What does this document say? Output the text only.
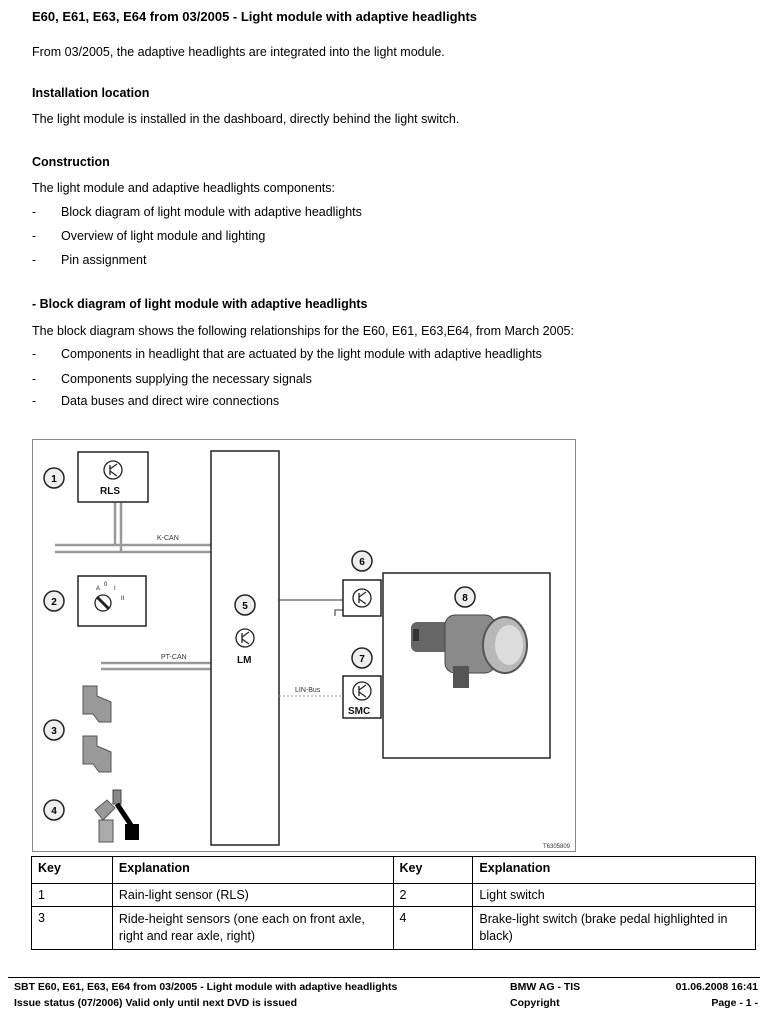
E60, E61, E63, E64 from 03/2005 - Light module with adaptive headlights
From 03/2005, the adaptive headlights are integrated into the light module.
Installation location
The light module is installed in the dashboard, directly behind the light switch.
Construction
The light module and adaptive headlights components:
- Block diagram of light module with adaptive headlights
- Overview of light module and lighting
- Pin assignment
- Block diagram of light module with adaptive headlights
The block diagram shows the following relationships for the E60, E61, E63,E64, from March 2005:
- Components in headlight that are actuated by the light module with adaptive headlights
- Components supplying the necessary signals
- Data buses and direct wire connections
K-CAN
PT-CAN
RLS
A
0
I
II
LM
LIN-Bus
SMC
1
2
3
4
5
6
7
8
T6305809
Key	Explanation	Key	Explanation
1	Rain-light sensor (RLS)	2	Light switch
3	Ride-height sensors (one each on front axle, right and rear axle, right)	4	Brake-light switch (brake pedal highlighted in black)
SBT E60, E61, E63, E64 from 03/2005 - Light module with adaptive headlights
Issue status (07/2006) Valid only until next DVD is issued
BMW AG - TIS
Copyright
01.06.2008 16:41
Page - 1 -
